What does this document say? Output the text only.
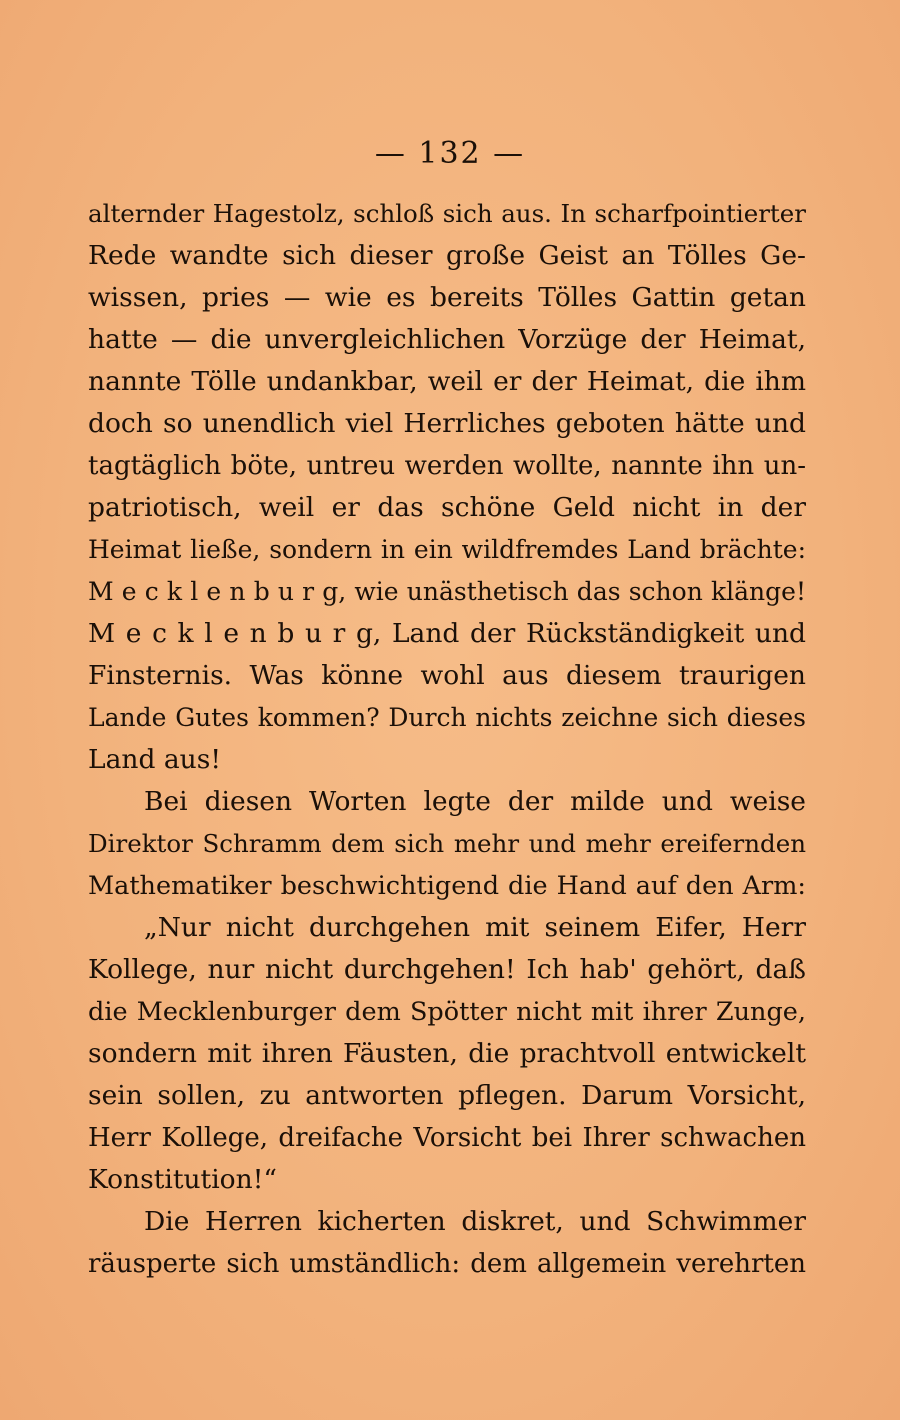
— 132 —
alternder Hagestolz, schloß sich aus. In scharfpointierter
Rede wandte sich dieser große Geist an Tölles Ge-
wissen, pries — wie es bereits Tölles Gattin getan
hatte — die unvergleichlichen Vorzüge der Heimat,
nannte Tölle undankbar, weil er der Heimat, die ihm
doch so unendlich viel Herrliches geboten hätte und
tagtäglich böte, untreu werden wollte, nannte ihn un-
patriotisch, weil er das schöne Geld nicht in der
Heimat ließe, sondern in ein wildfremdes Land brächte:
M e c k l e n b u r g, wie unästhetisch das schon klänge!
M e c k l e n b u r g, Land der Rückständigkeit und
Finsternis. Was könne wohl aus diesem traurigen
Lande Gutes kommen? Durch nichts zeichne sich dieses
Land aus!
Bei diesen Worten legte der milde und weise
Direktor Schramm dem sich mehr und mehr ereifernden
Mathematiker beschwichtigend die Hand auf den Arm:
„Nur nicht durchgehen mit seinem Eifer, Herr
Kollege, nur nicht durchgehen! Ich hab' gehört, daß
die Mecklenburger dem Spötter nicht mit ihrer Zunge,
sondern mit ihren Fäusten, die prachtvoll entwickelt
sein sollen, zu antworten pflegen. Darum Vorsicht,
Herr Kollege, dreifache Vorsicht bei Ihrer schwachen
Konstitution!“
Die Herren kicherten diskret, und Schwimmer
räusperte sich umständlich: dem allgemein verehrten
